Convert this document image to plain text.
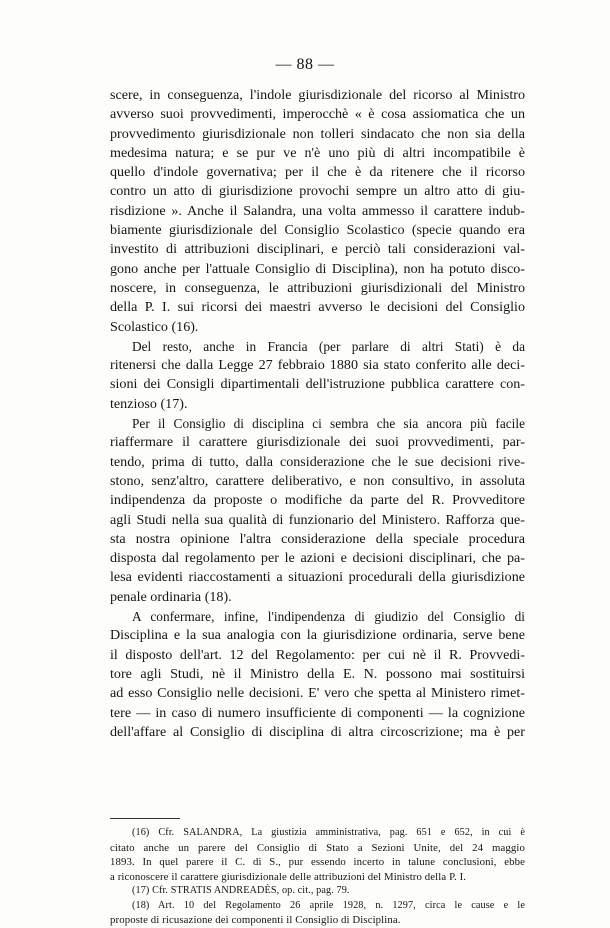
— 88 —
scere, in conseguenza, l'indole giurisdizionale del ricorso al Ministro
avverso suoi provvedimenti, imperocchè « è cosa assiomatica che un
provvedimento giurisdizionale non tolleri sindacato che non sia della
medesima natura; e se pur ve n'è uno più di altri incompatibile è
quello d'indole governativa; per il che è da ritenere che il ricorso
contro un atto di giurisdizione provochi sempre un altro atto di giu-
risdizione ». Anche il Salandra, una volta ammesso il carattere indub-
biamente giurisdizionale del Consiglio Scolastico (specie quando era
investito di attribuzioni disciplinari, e perciò tali considerazioni val-
gono anche per l'attuale Consiglio di Disciplina), non ha potuto disco-
noscere, in conseguenza, le attribuzioni giurisdizionali del Ministro
della P. I. sui ricorsi dei maestri avverso le decisioni del Consiglio
Scolastico (16).
Del resto, anche in Francia (per parlare di altri Stati) è da
ritenersi che dalla Legge 27 febbraio 1880 sia stato conferito alle deci-
sioni dei Consigli dipartimentali dell'istruzione pubblica carattere con-
tenzioso (17).
Per il Consiglio di disciplina ci sembra che sia ancora più facile
riaffermare il carattere giurisdizionale dei suoi provvedimenti, par-
tendo, prima di tutto, dalla considerazione che le sue decisioni rive-
stono, senz'altro, carattere deliberativo, e non consultivo, in assoluta
indipendenza da proposte o modifiche da parte del R. Provveditore
agli Studi nella sua qualità di funzionario del Ministero. Rafforza que-
sta nostra opinione l'altra considerazione della speciale procedura
disposta dal regolamento per le azioni e decisioni disciplinari, che pa-
lesa evidenti riaccostamenti a situazioni procedurali della giurisdizione
penale ordinaria (18).
A confermare, infine, l'indipendenza di giudizio del Consiglio di
Disciplina e la sua analogia con la giurisdizione ordinaria, serve bene
il disposto dell'art. 12 del Regolamento: per cui nè il R. Provvedi-
tore agli Studi, nè il Ministro della E. N. possono mai sostituirsi
ad esso Consiglio nelle decisioni. E' vero che spetta al Ministero rimet-
tere — in caso di numero insufficiente di componenti — la cognizione
dell'affare al Consiglio di disciplina di altra circoscrizione; ma è per
(16) Cfr. SALANDRA, La giustizia amministrativa, pag. 651 e 652, in cui è
citato anche un parere del Consiglio di Stato a Sezioni Unite, del 24 maggio
1893. In quel parere il C. di S., pur essendo incerto in talune conclusioni, ebbe
a riconoscere il carattere giurisdizionale delle attribuzioni del Ministro della P. I.
(17) Cfr. STRATIS ANDREADÈS, op. cit., pag. 79.
(18) Art. 10 del Regolamento 26 aprile 1928, n. 1297, circa le cause e le
proposte di ricusazione dei componenti il Consiglio di Disciplina.
